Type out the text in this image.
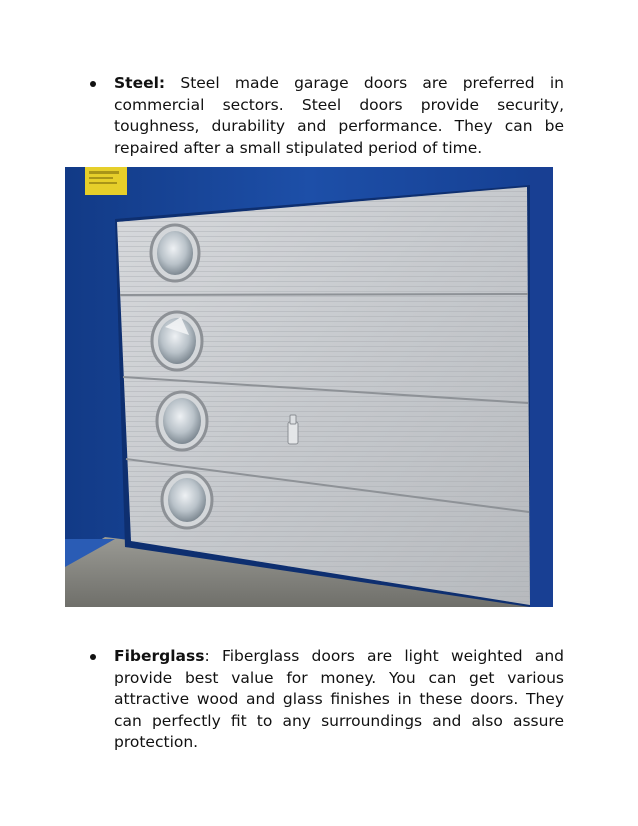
Steel: Steel made garage doors are preferred in commercial sectors. Steel doors provide security, toughness, durability and performance. They can be repaired after a small stipulated period of time.
Fiberglass: Fiberglass doors are light weighted and provide best value for money. You can get various attractive wood and glass finishes in these doors. They can perfectly fit to any surroundings and also assure protection.
